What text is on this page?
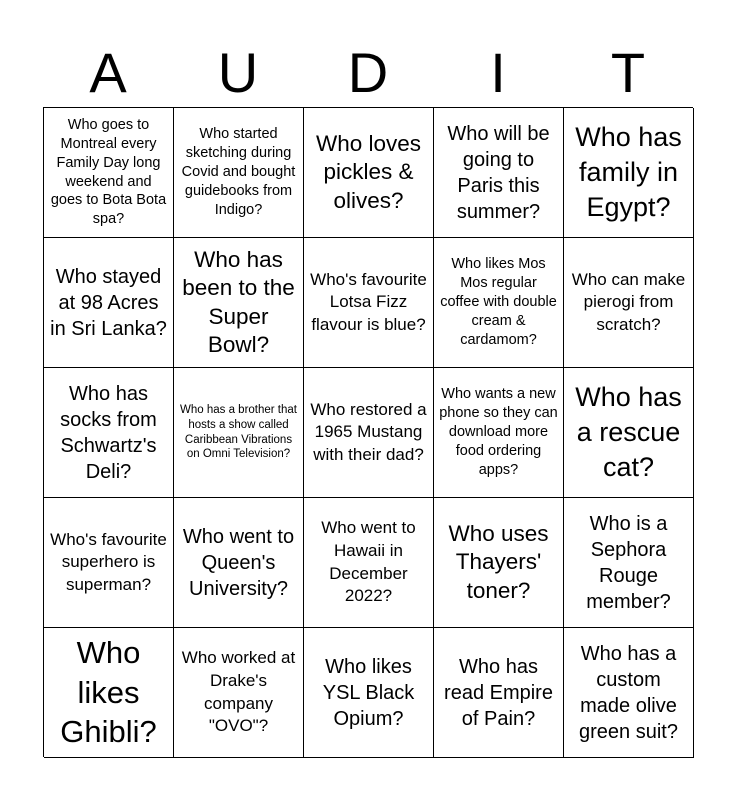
A	U	D	I	T
Who goes to Montreal every Family Day long weekend and goes to Bota Bota spa?
Who started sketching during Covid and bought guidebooks from Indigo?
Who loves pickles & olives?
Who will be going to Paris this summer?
Who has family in Egypt?
Who stayed at 98 Acres in Sri Lanka?
Who has been to the Super Bowl?
Who's favourite Lotsa Fizz flavour is blue?
Who likes Mos Mos regular coffee with double cream & cardamom?
Who can make pierogi from scratch?
Who has socks from Schwartz's Deli?
Who has a brother that hosts a show called Caribbean Vibrations on Omni Television?
Who restored a 1965 Mustang with their dad?
Who wants a new phone so they can download more food ordering apps?
Who has a rescue cat?
Who's favourite superhero is superman?
Who went to Queen's University?
Who went to Hawaii in December 2022?
Who uses Thayers' toner?
Who is a Sephora Rouge member?
Who likes Ghibli?
Who worked at Drake's company "OVO"?
Who likes YSL Black Opium?
Who has read Empire of Pain?
Who has a custom made olive green suit?
